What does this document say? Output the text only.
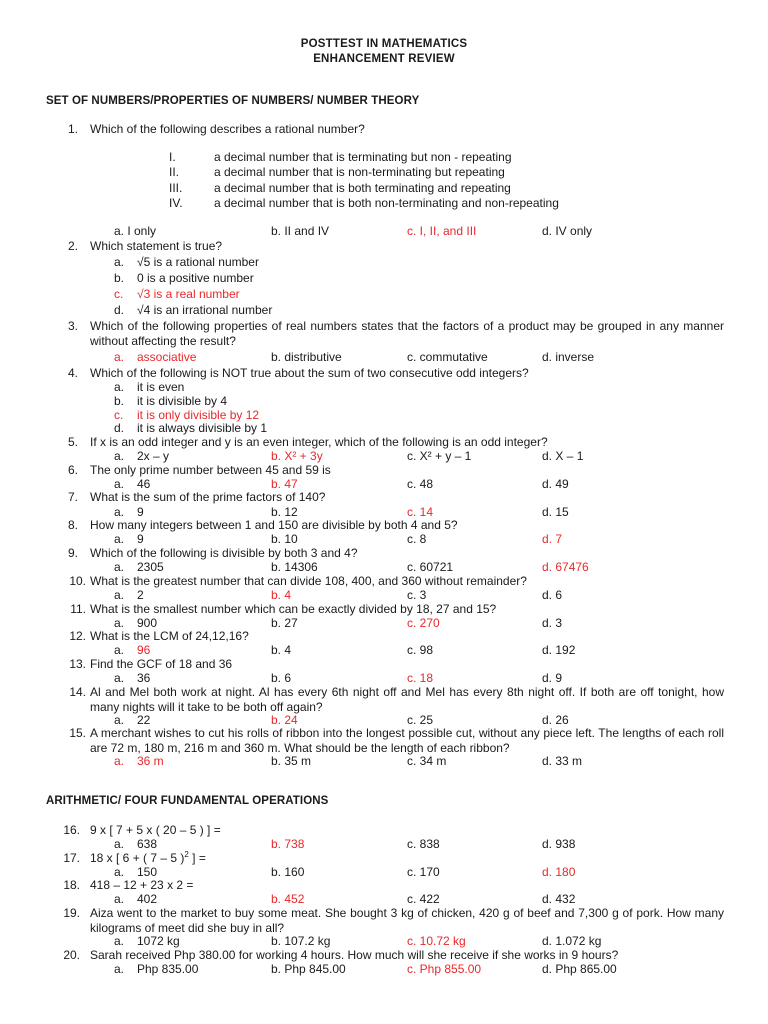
POSTTEST IN MATHEMATICS
ENHANCEMENT REVIEW
SET OF NUMBERS/PROPERTIES OF NUMBERS/ NUMBER THEORY
1. Which of the following describes a rational number?
I.	a decimal number that is terminating but non - repeating
II.	a decimal number that is non-terminating but repeating
III.	a decimal number that is both terminating and repeating
IV.	a decimal number that is both non-terminating and non-repeating
a. I only	b. II and IV	c. I, II, and III	d. IV only
2. Which statement is true?
a. √5 is a rational number
b. 0 is a positive number
c. √3 is a real number
d. √4 is an irrational number
3. Which of the following properties of real numbers states that the factors of a product may be grouped in any manner without affecting the result?
a. associative	b. distributive	c. commutative	d. inverse
4. Which of the following is NOT true about the sum of two consecutive odd integers?
a. it is even
b. it is divisible by 4
c. it is only divisible by 12
d. it is always divisible by 1
5. If x is an odd integer and y is an even integer, which of the following is an odd integer?
a. 2x – y	b. X² + 3y	c. X² + y – 1	d. X – 1
6. The only prime number between 45 and 59 is
a. 46	b. 47	c. 48	d. 49
7. What is the sum of the prime factors of 140?
a. 9	b. 12	c. 14	d. 15
8. How many integers between 1 and 150 are divisible by both 4 and 5?
a. 9	b. 10	c. 8	d. 7
9. Which of the following is divisible by both 3 and 4?
a. 2305	b. 14306	c. 60721	d. 67476
10. What is the greatest number that can divide 108, 400, and 360 without remainder?
a. 2	b. 4	c. 3	d. 6
11. What is the smallest number which can be exactly divided by 18, 27 and 15?
a. 900	b. 27	c. 270	d. 3
12. What is the LCM of 24,12,16?
a. 96	b. 4	c. 98	d. 192
13. Find the GCF of 18 and 36
a. 36	b. 6	c. 18	d. 9
14. Al and Mel both work at night. Al has every 6th night off and Mel has every 8th night off. If both are off tonight, how many nights will it take to be both off again?
a. 22	b. 24	c. 25	d. 26
15. A merchant wishes to cut his rolls of ribbon into the longest possible cut, without any piece left. The lengths of each roll are 72 m, 180 m, 216 m and 360 m. What should be the length of each ribbon?
a. 36 m	b. 35 m	c. 34 m	d. 33 m
ARITHMETIC/ FOUR FUNDAMENTAL OPERATIONS
16. 9 x [ 7 + 5 x ( 20 – 5 ) ] =
a. 638	b. 738	c. 838	d. 938
17. 18 x [ 6 + ( 7 – 5 )$^2$ ] =
a. 150	b. 160	c. 170	d. 180
18. 418 – 12 + 23 x 2 =
a. 402	b. 452	c. 422	d. 432
19. Aiza went to the market to buy some meat. She bought 3 kg of chicken, 420 g of beef and 7,300 g of pork. How many kilograms of meet did she buy in all?
a. 1072 kg	b. 107.2 kg	c. 10.72 kg	d. 1.072 kg
20. Sarah received Php 380.00 for working 4 hours. How much will she receive if she works in 9 hours?
a. Php 835.00	b. Php 845.00	c. Php 855.00	d. Php 865.00
